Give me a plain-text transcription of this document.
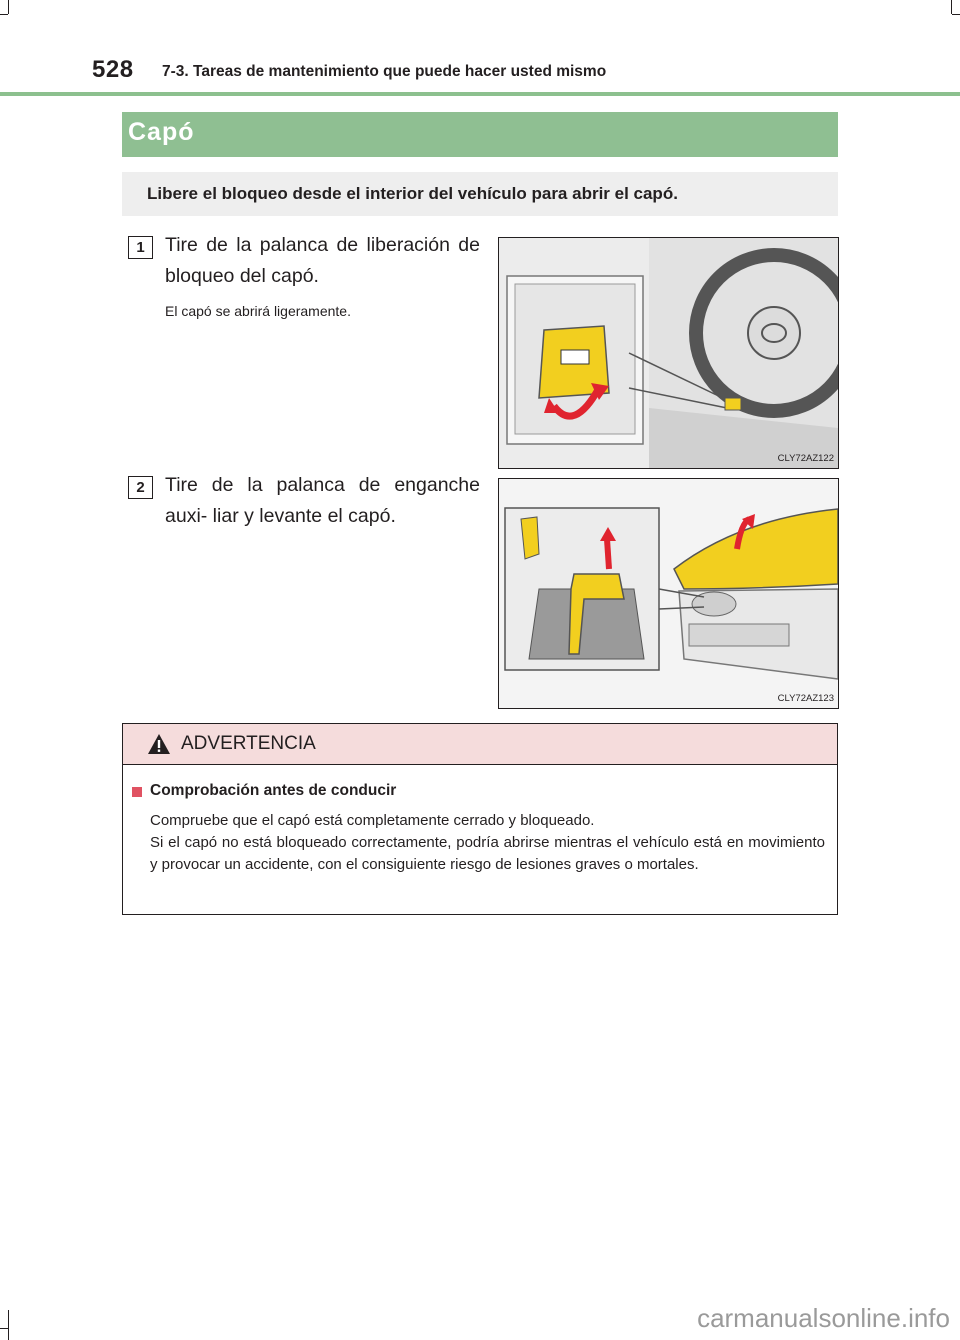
528 7-3. Tareas de mantenimiento que puede hacer usted mismo
Capó
Libere el bloqueo desde el interior del vehículo para abrir el capó.
1	Tire de la palanca de liberación de bloqueo del capó.
El capó se abrirá ligeramente.
CLY72AZ122
2	Tire de la palanca de enganche auxi- liar y levante el capó.
CLY72AZ123
ADVERTENCIA
Comprobación antes de conducir

Compruebe que el capó está completamente cerrado y bloqueado.

Si el capó no está bloqueado correctamente, podría abrirse mientras el vehículo está en movimiento y provocar un accidente, con el consiguiente riesgo de lesiones graves o mortales.

carmanualsonline.info
